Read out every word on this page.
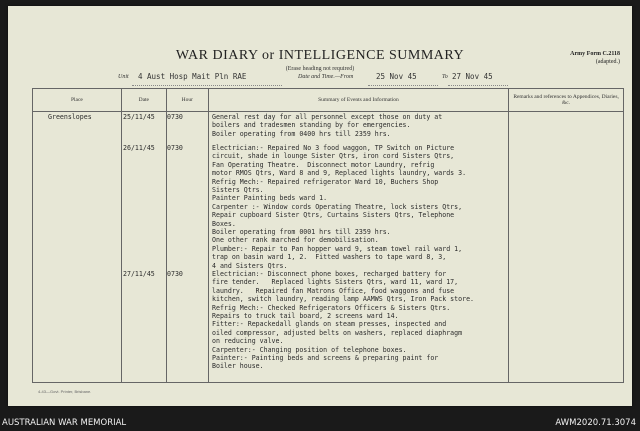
WAR DIARY or INTELLIGENCE SUMMARY
(Erase heading not required)
Army Form C.2118
(adapted.)
Unit 4 Aust Hosp Mait Pln RAE	Date and Time.—From	25 Nov 45	To 27 Nov 45
Place	Date	Hour	Summary of Events and Information	Remarks and references to Appendices, Diaries, &c.

Greenslopes	25/11/45 0730	General rest day for all personnel except those on duty at
boilers and tradesmen standing by for emergencies.
Boiler operating from 0400 hrs till 2359 hrs.
26/11/45 0730	Electrician:- Repaired No 3 food waggon, TP Switch on Picture
circuit, shade in lounge Sister Qtrs, iron cord Sisters Qtrs,
Fan Operating Theatre.  Disconnect motor Laundry, refrig
motor RMOS Qtrs, Ward 8 and 9, Replaced lights laundry, wards 3.
Refrig Mech:- Repaired refrigerator Ward 10, Buchers Shop
Sisters Qtrs.
Painter Painting beds ward 1.
Carpenter :- Window cords Operating Theatre, lock sisters Qtrs,
Repair cupboard Sister Qtrs, Curtains Sisters Qtrs, Telephone
Boxes.
Boiler operating from 0001 hrs till 2359 hrs.
One other rank marched for demobilisation.
Plumber:- Repair to Pan hopper ward 9, steam towel rail ward 1,
trap on basin ward 1, 2.  Fitted washers to tape ward 8, 3,
4 and Sisters Qtrs.
27/11/45 0730	Electrician:- Disconnect phone boxes, recharged battery for
fire tender.   Replaced lights Sisters Qtrs, ward 11, ward 17,
laundry.   Repaired fan Matrons Office, food waggons and fuse
kitchen, switch laundry, reading lamp AAMWS Qtrs, Iron Pack store.
Refrig Mech:- Checked Refrigerators Officers & Sisters Qtrs.
Repairs to truck tail board, 2 screens ward 14.
Fitter:- Repackedall glands on steam presses, inspected and
oiled compressor, adjusted belts on washers, replaced diaphragm
on reducing valve.
Carpenter:- Changing position of telephone boxes.
Painter:- Painting beds and screens & preparing paint for
Boiler house.
4-43—Govt. Printer, Brisbane.
AUSTRALIAN WAR MEMORIAL	AWM2020.71.3074
